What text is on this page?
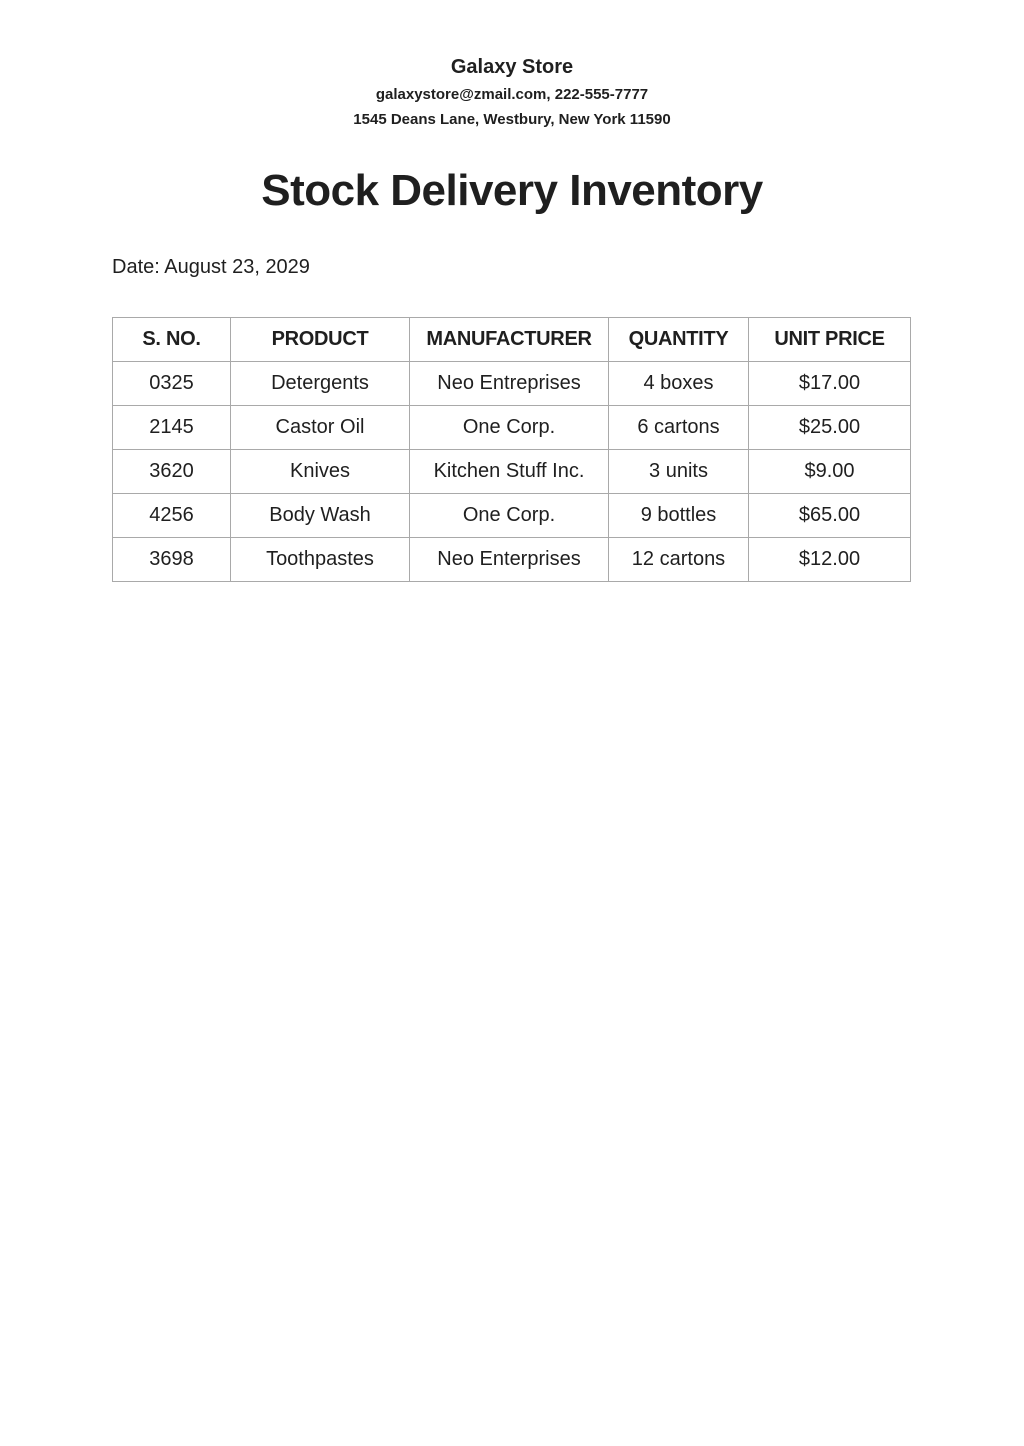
Galaxy Store
galaxystore@zmail.com, 222-555-7777
1545 Deans Lane, Westbury, New York 11590
Stock Delivery Inventory
Date: August 23, 2029
S. NO.	PRODUCT	MANUFACTURER	QUANTITY	UNIT PRICE
0325	Detergents	Neo Entreprises	4 boxes	$17.00
2145	Castor Oil	One Corp.	6 cartons	$25.00
3620	Knives	Kitchen Stuff Inc.	3 units	$9.00
4256	Body Wash	One Corp.	9 bottles	$65.00
3698	Toothpastes	Neo Enterprises	12 cartons	$12.00
